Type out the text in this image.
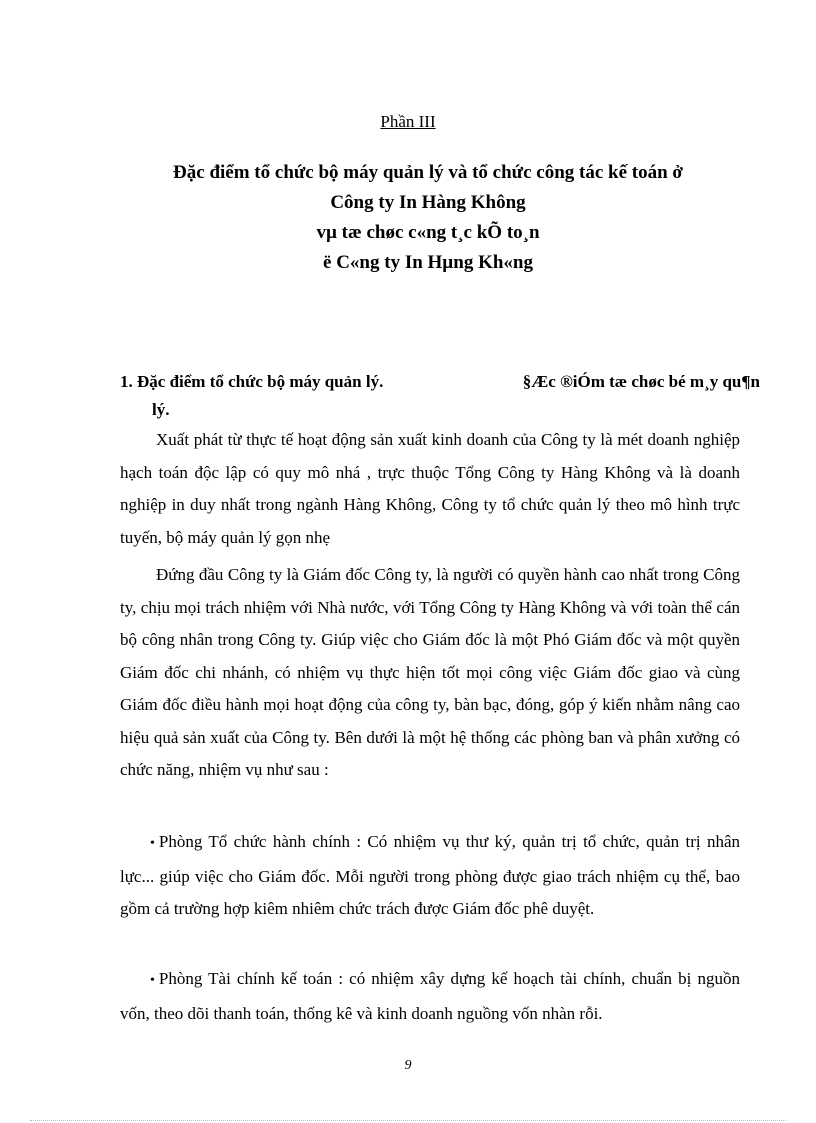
Phần III
Đặc điểm tổ chức bộ máy quản lý và tổ chức công tác kế toán ở
Công ty In Hàng Không
vµ tæ chøc c«ng t¸c kÕ to¸n
ë C«ng ty In Hµng Kh«ng
1. Đặc điểm tổ chức bộ máy quản lý.	§Æc ®iÓm tæ chøc bé m¸y qu¶n
lý.

Xuất phát từ thực tế hoạt động sản xuất kinh doanh của Công ty là mét doanh nghiệp hạch toán độc lập có quy mô nhá , trực thuộc Tổng Công ty Hàng Không và là doanh nghiệp in duy nhất trong ngành Hàng Không, Công ty tổ chức quản lý theo mô hình trực tuyến, bộ máy quản lý gọn nhẹ

Đứng đầu Công ty là Giám đốc Công ty, là người có quyền hành cao nhất trong Công ty, chịu mọi trách nhiệm với Nhà nước, với Tổng Công ty Hàng Không và với toàn thể cán bộ công nhân trong Công ty. Giúp việc cho Giám đốc là một Phó Giám đốc và một quyền Giám đốc chi nhánh, có nhiệm vụ thực hiện tốt mọi công việc Giám đốc giao và cùng Giám đốc điều hành mọi hoạt động của công ty, bàn bạc, đóng, góp ý kiến nhằm nâng cao hiệu quả sản xuất của Công ty. Bên dưới là một hệ thống các phòng ban và phân xưởng có chức năng, nhiệm vụ như sau :

• Phòng Tổ chức hành chính : Có nhiệm vụ thư ký, quản trị tổ chức, quản trị nhân lực... giúp việc cho Giám đốc. Mỗi người trong phòng được giao trách nhiệm cụ thể, bao gồm cả trường hợp kiêm nhiêm chức trách được Giám đốc phê duyệt.

• Phòng Tài chính kế toán : có nhiệm xây dựng kế hoạch tài chính, chuẩn bị nguồn vốn, theo dõi thanh toán, thống kê và kinh doanh nguồng vốn nhàn rỗi.

9
